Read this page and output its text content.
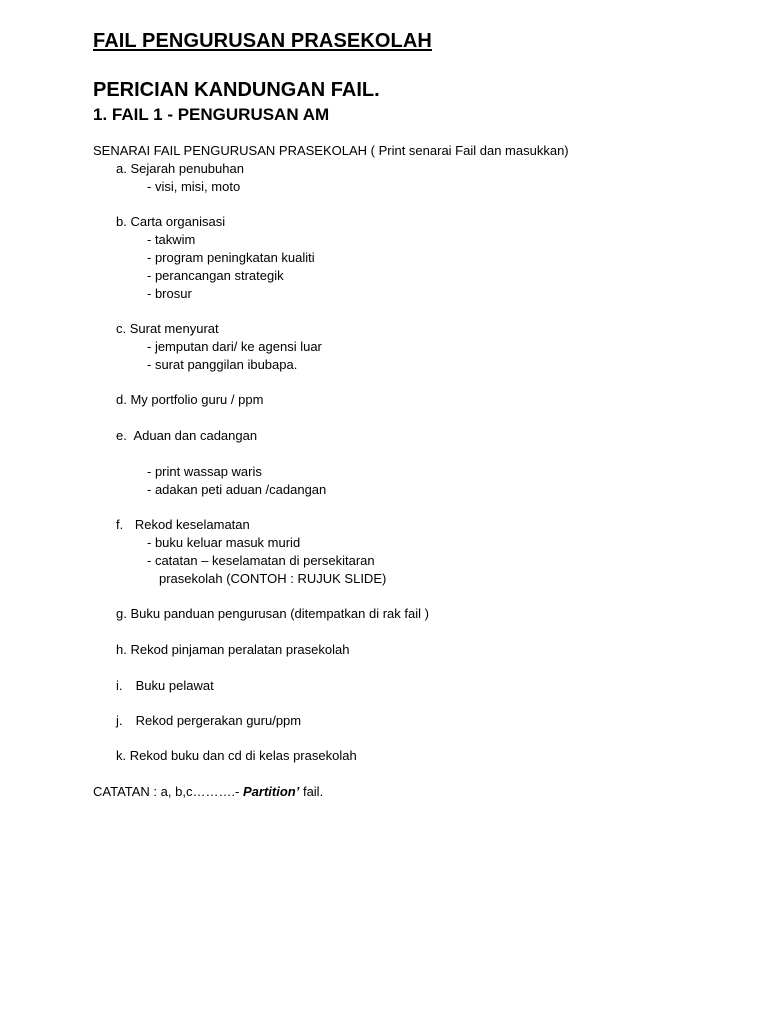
FAIL PENGURUSAN PRASEKOLAH
PERICIAN KANDUNGAN FAIL.
1. FAIL 1 - PENGURUSAN AM
SENARAI FAIL PENGURUSAN PRASEKOLAH ( Print senarai Fail dan masukkan)
a. Sejarah penubuhan
- visi, misi, moto
b. Carta organisasi
- takwim
- program peningkatan kualiti
- perancangan strategik
- brosur
c. Surat menyurat
- jemputan dari/ ke agensi luar
- surat panggilan ibubapa.
d. My portfolio guru / ppm
e. Aduan dan cadangan
- print wassap waris
- adakan peti aduan /cadangan
f. Rekod keselamatan
- buku keluar masuk murid
- catatan – keselamatan di persekitaran
prasekolah (CONTOH : RUJUK SLIDE)
g. Buku panduan pengurusan (ditempatkan di rak fail )
h. Rekod pinjaman peralatan prasekolah
i. Buku pelawat
j. Rekod pergerakan guru/ppm
k. Rekod buku dan cd di kelas prasekolah
CATATAN : a, b,c……….- Partition’ fail.
